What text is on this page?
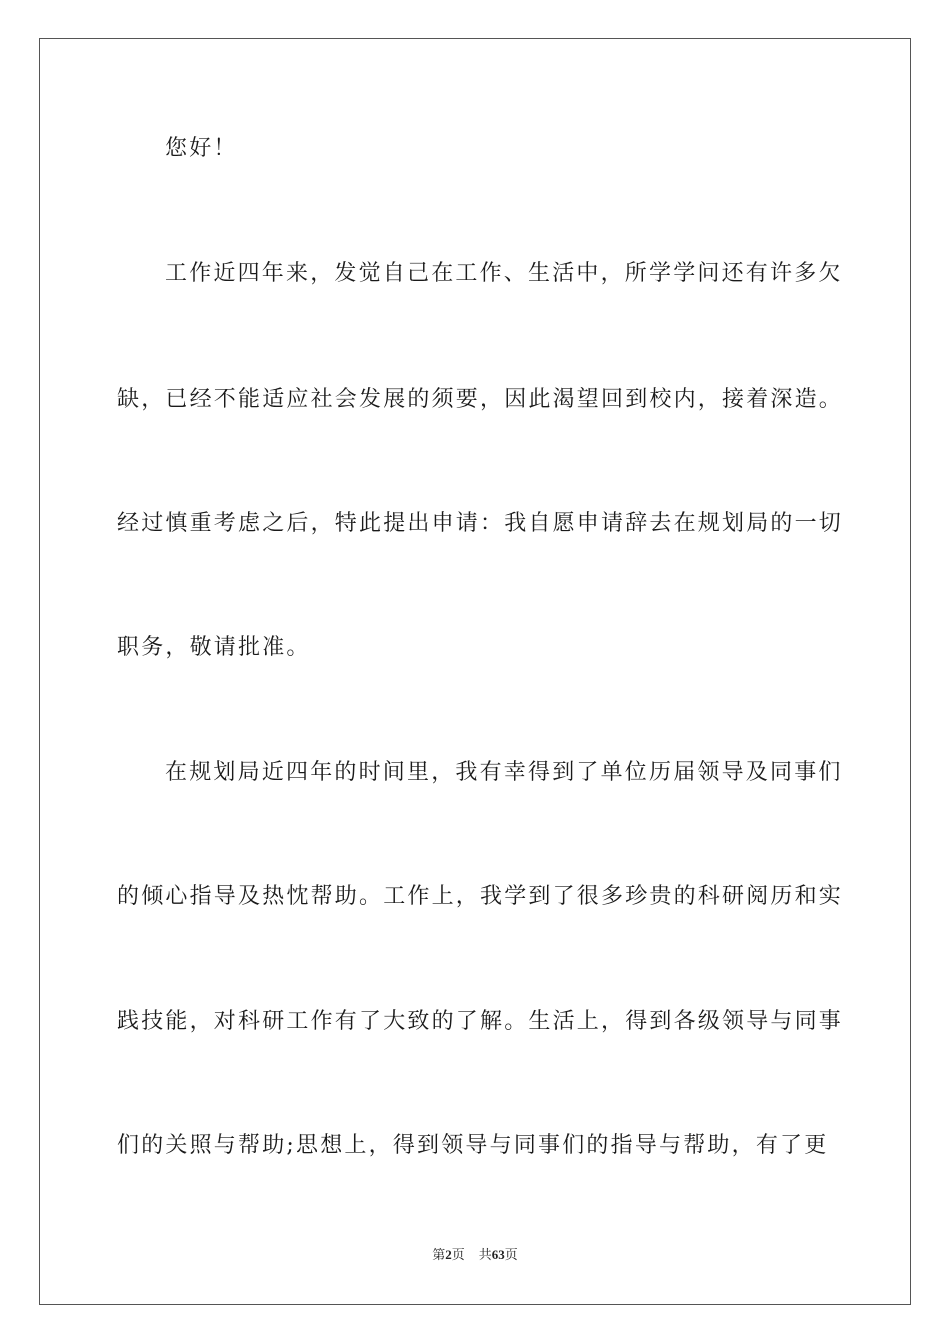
您好！
工作近四年来，发觉自己在工作、生活中，所学学问还有许多欠
缺，已经不能适应社会发展的须要，因此渴望回到校内，接着深造。
经过慎重考虑之后，特此提出申请：我自愿申请辞去在规划局的一切
职务，敬请批准。
在规划局近四年的时间里，我有幸得到了单位历届领导及同事们
的倾心指导及热忱帮助。工作上，我学到了很多珍贵的科研阅历和实
践技能，对科研工作有了大致的了解。生活上，得到各级领导与同事
们的关照与帮助;思想上，得到领导与同事们的指导与帮助，有了更
第2页 共63页
